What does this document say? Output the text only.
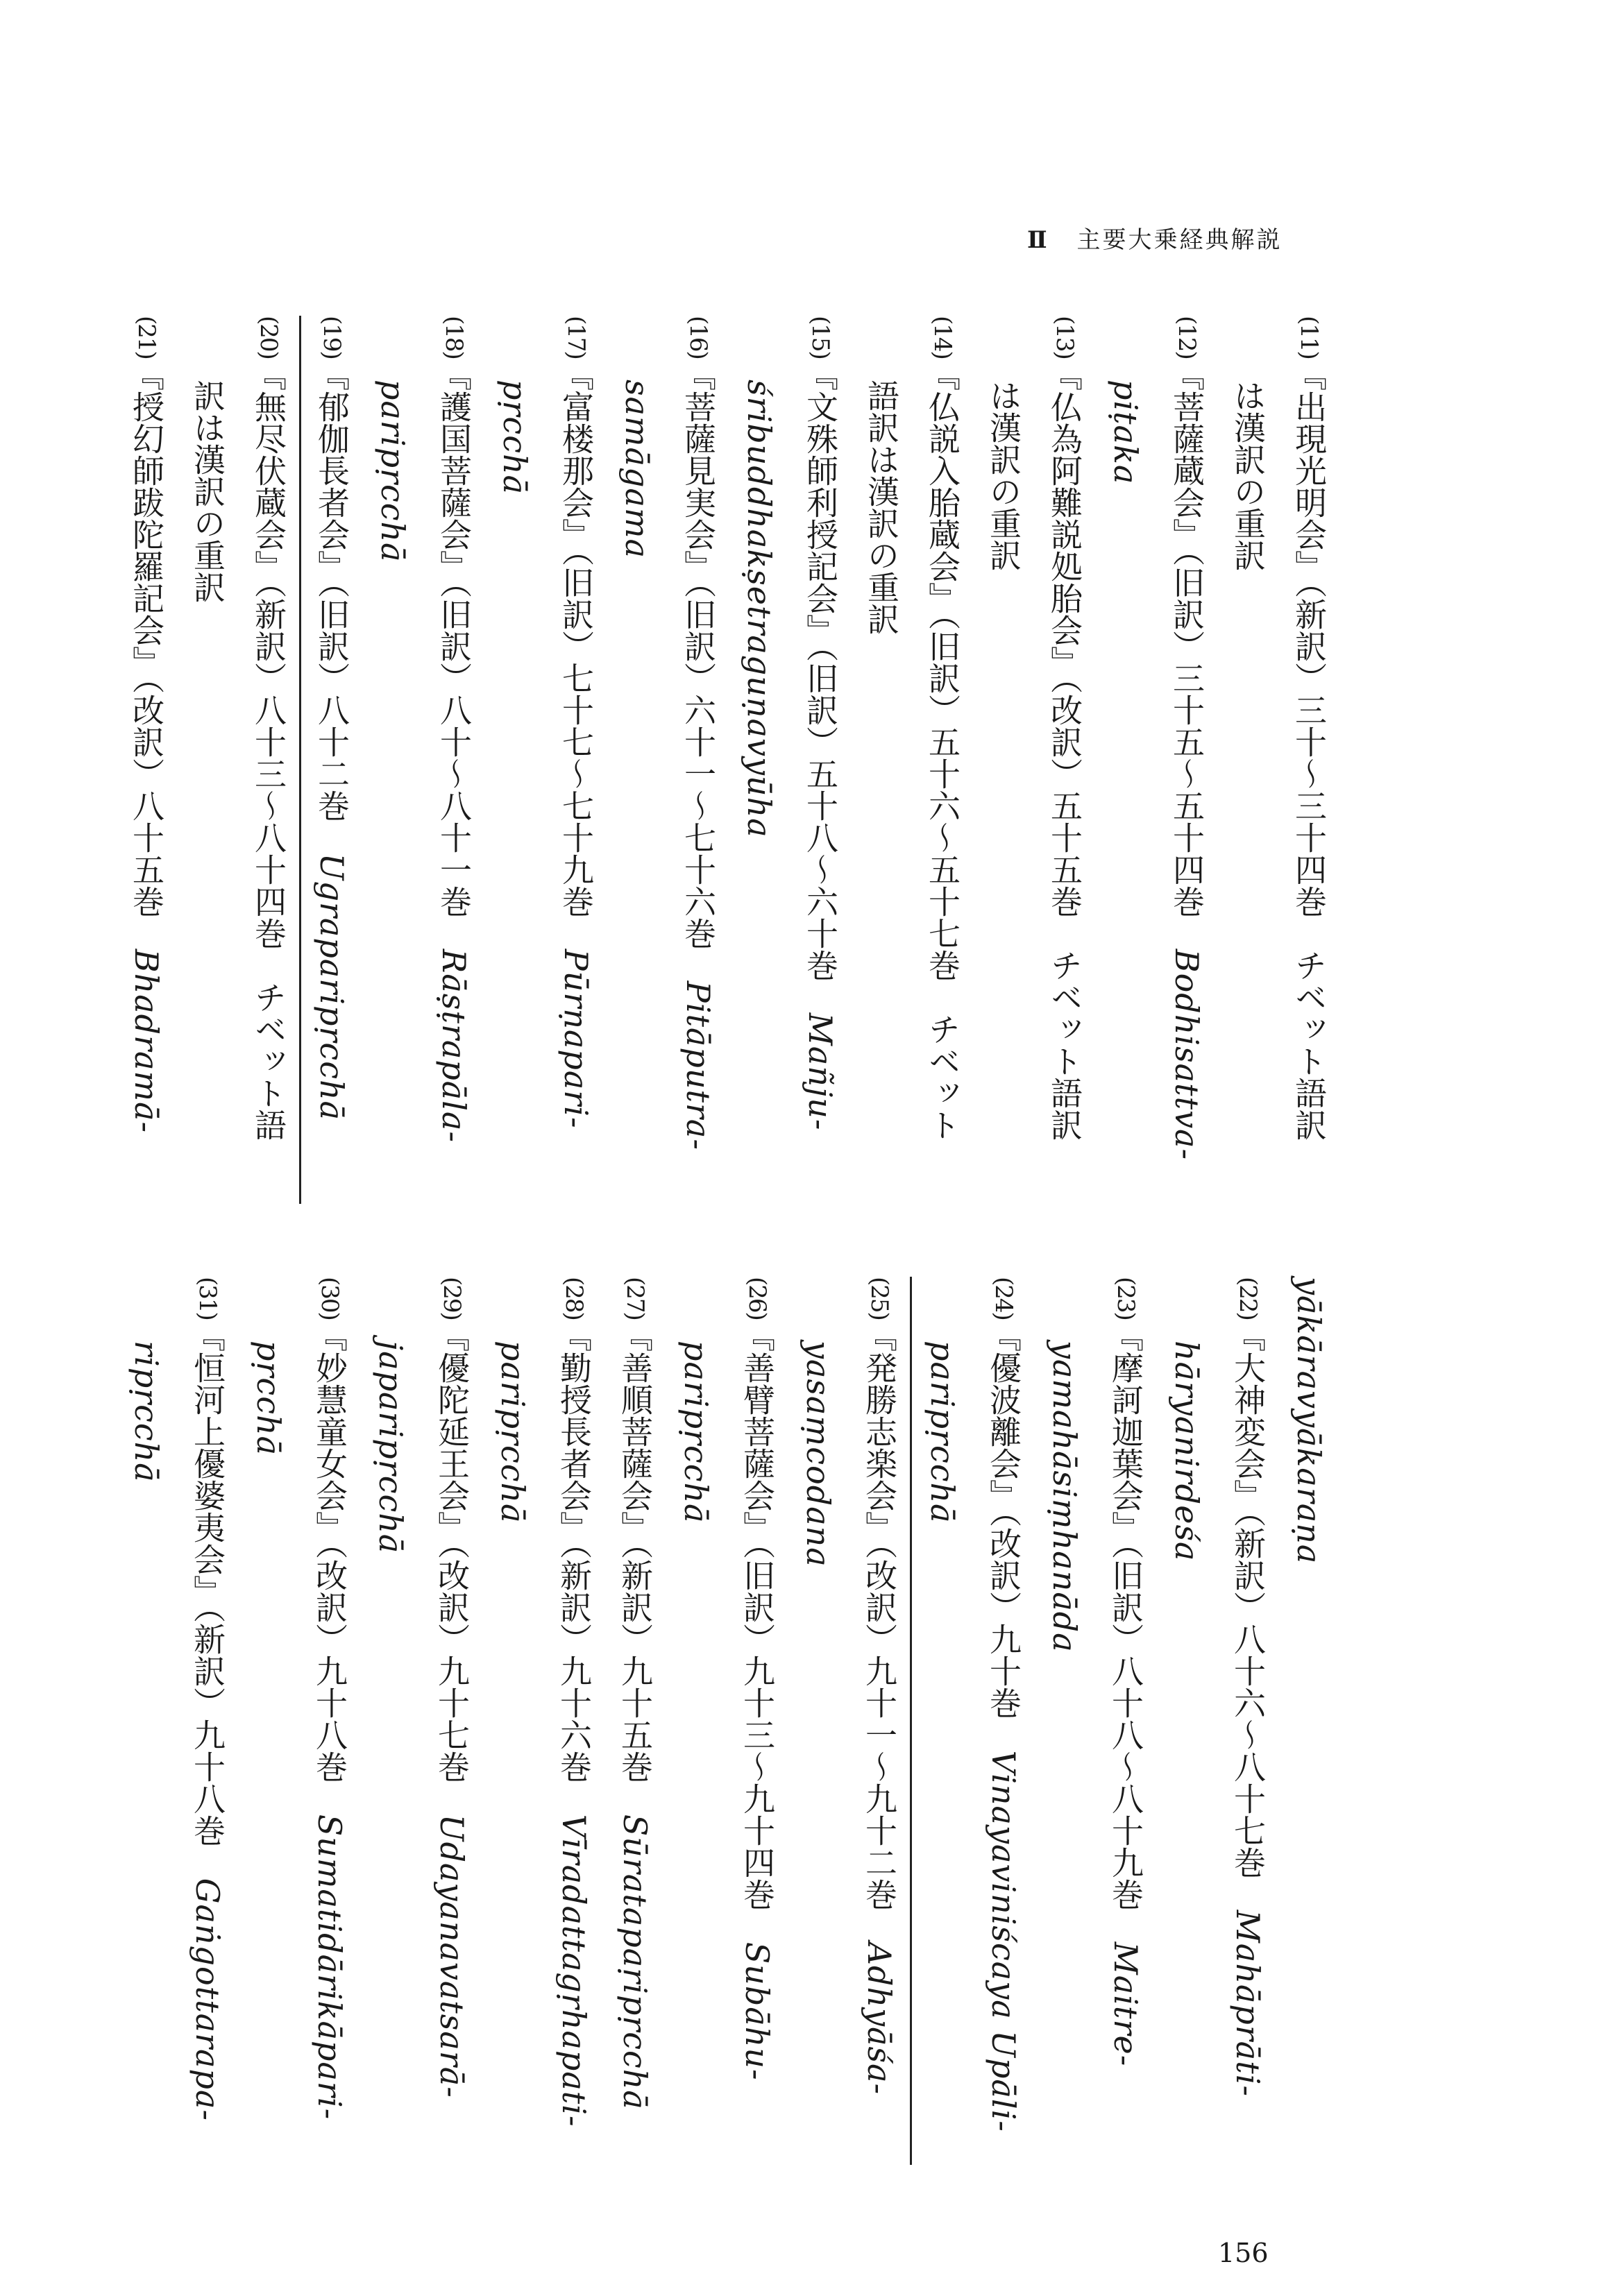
Ⅱ 主要大乗経典解説

(11)『出現光明会』（新訳）三十〜三十四巻　チベット語訳
は漢訳の重訳

(12)『菩薩蔵会』（旧訳）三十五〜五十四巻　Bodhisattva-
piṭaka

(13)『仏為阿難説処胎会』（改訳）五十五巻　チベット語訳
は漢訳の重訳

(14)『仏説入胎蔵会』（旧訳）五十六〜五十七巻　チベット
語訳は漢訳の重訳

(15)『文殊師利授記会』（旧訳）五十八〜六十巻　Mañju-
śribuddhakṣetraguṇavyūha

(16)『菩薩見実会』（旧訳）六十一〜七十六巻　Pitāputra-
samāgama

(17)『富楼那会』（旧訳）七十七〜七十九巻　Pūrṇapari-
pṛcchā

(18)『護国菩薩会』（旧訳）八十〜八十一巻　Rāṣṭrapāla-
paripṛcchā

(19)『郁伽長者会』（旧訳）八十二巻　Ugraparipṛcchā

(20)『無尽伏蔵会』（新訳）八十三〜八十四巻　チベット語
訳は漢訳の重訳

(21)『授幻師跋陀羅記会』（改訳）八十五巻　Bhadramā-

yākāravyākaraṇa

(22)『大神変会』（新訳）八十六〜八十七巻　Mahāprāti-
hāryanirdeśa

(23)『摩訶迦葉会』（旧訳）八十八〜八十九巻　Maitre-
yamahāsiṃhanāda

(24)『優波離会』（改訳）九十巻　Vinayaviniścaya Upāli-
paripṛcchā

(25)『発勝志楽会』（改訳）九十一〜九十二巻　Adhyāśa-
yasaṃcodana

(26)『善臂菩薩会』（旧訳）九十三〜九十四巻　Subāhu-
paripṛcchā

(27)『善順菩薩会』（新訳）九十五巻　Sūratapaṛipṛcchā

(28)『勤授長者会』（新訳）九十六巻　Vīradattagṛhapati-
paripṛcchā

(29)『優陀延王会』（改訳）九十七巻　Udayanavatsarā-
japaripṛcchā

(30)『妙慧童女会』（改訳）九十八巻　Sumatidārikāpari-
pṛcchā

(31)『恒河上優婆夷会』（新訳）九十八巻　Gaṅgottarapa-
ripṛcchā

156
